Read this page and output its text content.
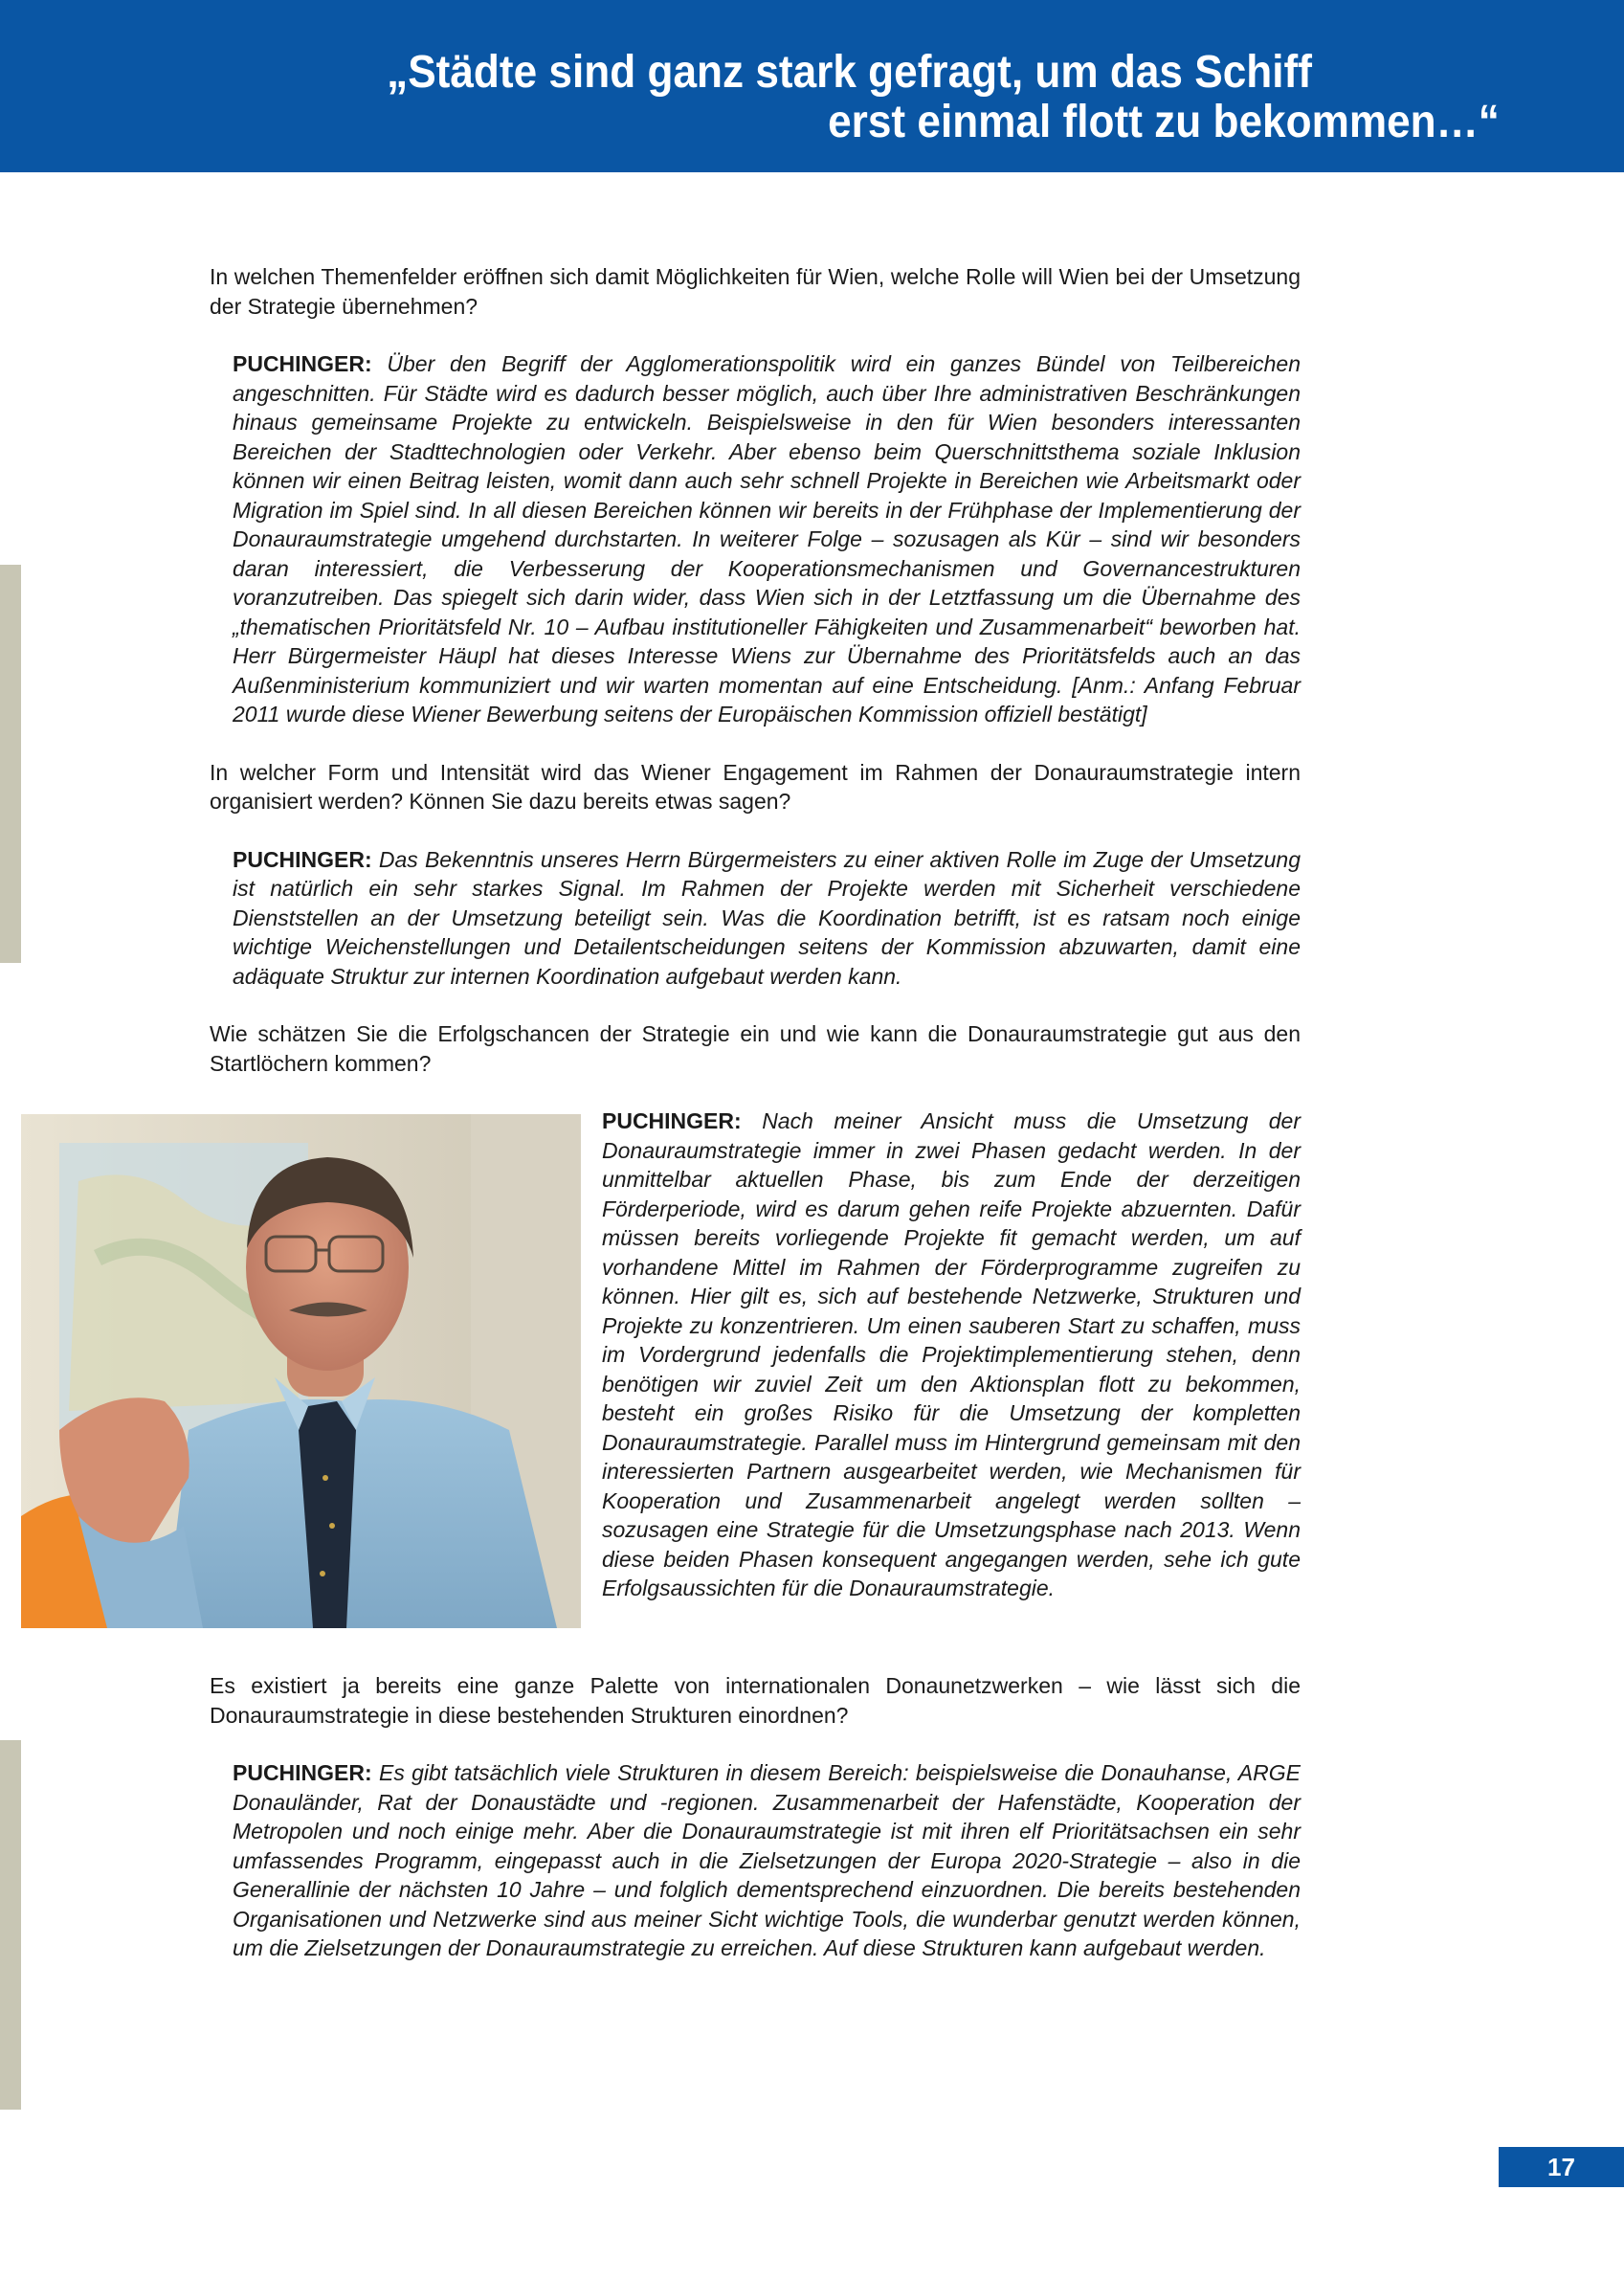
„Städte sind ganz stark gefragt, um das Schiff
erst einmal flott zu bekommen…“

In welchen Themenfelder eröffnen sich damit Möglichkeiten für Wien, welche Rolle will Wien bei der Umsetzung der Strategie übernehmen?

PUCHINGER: Über den Begriff der Agglomerationspolitik wird ein ganzes Bündel von Teilbereichen angeschnitten. Für Städte wird es dadurch besser möglich, auch über Ihre administrativen Beschränkungen hinaus gemeinsame Projekte zu entwickeln. Beispielsweise in den für Wien besonders interessanten Bereichen der Stadttechnologien oder Verkehr. Aber ebenso beim Querschnittsthema soziale Inklusion können wir einen Beitrag leisten, womit dann auch sehr schnell Projekte in Bereichen wie Arbeitsmarkt oder Migration im Spiel sind. In all diesen Bereichen können wir bereits in der Frühphase der Implementierung der Donauraumstrategie umgehend durchstarten. In weiterer Folge – sozusagen als Kür – sind wir besonders daran interessiert, die Verbesserung der Kooperationsmechanismen und Governancestrukturen voranzutreiben. Das spiegelt sich darin wider, dass Wien sich in der Letztfassung um die Übernahme des „thematischen Prioritätsfeld Nr. 10 – Aufbau institutioneller Fähigkeiten und Zusammenarbeit“ beworben hat. Herr Bürgermeister Häupl hat dieses Interesse Wiens zur Übernahme des Prioritätsfelds auch an das Außenministerium kommuniziert und wir warten momentan auf eine Entscheidung. [Anm.: Anfang Februar 2011 wurde diese Wiener Bewerbung seitens der Europäischen Kommission offiziell bestätigt]

In welcher Form und Intensität wird das Wiener Engagement im Rahmen der Donauraumstrategie intern organisiert werden? Können Sie dazu bereits etwas sagen?

PUCHINGER: Das Bekenntnis unseres Herrn Bürgermeisters zu einer aktiven Rolle im Zuge der Umsetzung ist natürlich ein sehr starkes Signal. Im Rahmen der Projekte werden mit Sicherheit verschiedene Dienststellen an der Umsetzung beteiligt sein. Was die Koordination betrifft, ist es ratsam noch einige wichtige Weichenstellungen und Detailentscheidungen seitens der Kommission abzuwarten, damit eine adäquate Struktur zur internen Koordination aufgebaut werden kann.

Wie schätzen Sie die Erfolgschancen der Strategie ein und wie kann die Donauraumstrategie gut aus den Startlöchern kommen?

PUCHINGER: Nach meiner Ansicht muss die Umsetzung der Donauraumstrategie immer in zwei Phasen gedacht werden. In der unmittelbar aktuellen Phase, bis zum Ende der derzeitigen Förderperiode, wird es darum gehen reife Projekte abzuernten. Dafür müssen bereits vorliegende Projekte fit gemacht werden, um auf vorhandene Mittel im Rahmen der Förderprogramme zugreifen zu können. Hier gilt es, sich auf bestehende Netzwerke, Strukturen und Projekte zu konzentrieren. Um einen sauberen Start zu schaffen, muss im Vordergrund jedenfalls die Projektimplementierung stehen, denn benötigen wir zuviel Zeit um den Aktionsplan flott zu bekommen, besteht ein großes Risiko für die Umsetzung der kompletten Donauraumstrategie. Parallel muss im Hintergrund gemeinsam mit den interessierten Partnern ausgearbeitet werden, wie Mechanismen für Kooperation und Zusammenarbeit angelegt werden sollten – sozusagen eine Strategie für die Umsetzungsphase nach 2013. Wenn diese beiden Phasen konsequent angegangen werden, sehe ich gute Erfolgsaussichten für die Donauraumstrategie.

Es existiert ja bereits eine ganze Palette von internationalen Donaunetzwerken – wie lässt sich die Donauraumstrategie in diese bestehenden Strukturen einordnen?

PUCHINGER: Es gibt tatsächlich viele Strukturen in diesem Bereich: beispielsweise die Donauhanse, ARGE Donauländer, Rat der Donaustädte und -regionen. Zusammenarbeit der Hafenstädte, Kooperation der Metropolen und noch einige mehr. Aber die Donauraumstrategie ist mit ihren elf Prioritätsachsen ein sehr umfassendes Programm, eingepasst auch in die Zielsetzungen der Europa 2020-Strategie – also in die Generallinie der nächsten 10 Jahre – und folglich dementsprechend einzuordnen. Die bereits bestehenden Organisationen und Netzwerke sind aus meiner Sicht wichtige Tools, die wunderbar genutzt werden können, um die Zielsetzungen der Donauraumstrategie zu erreichen. Auf diese Strukturen kann aufgebaut werden.

17
